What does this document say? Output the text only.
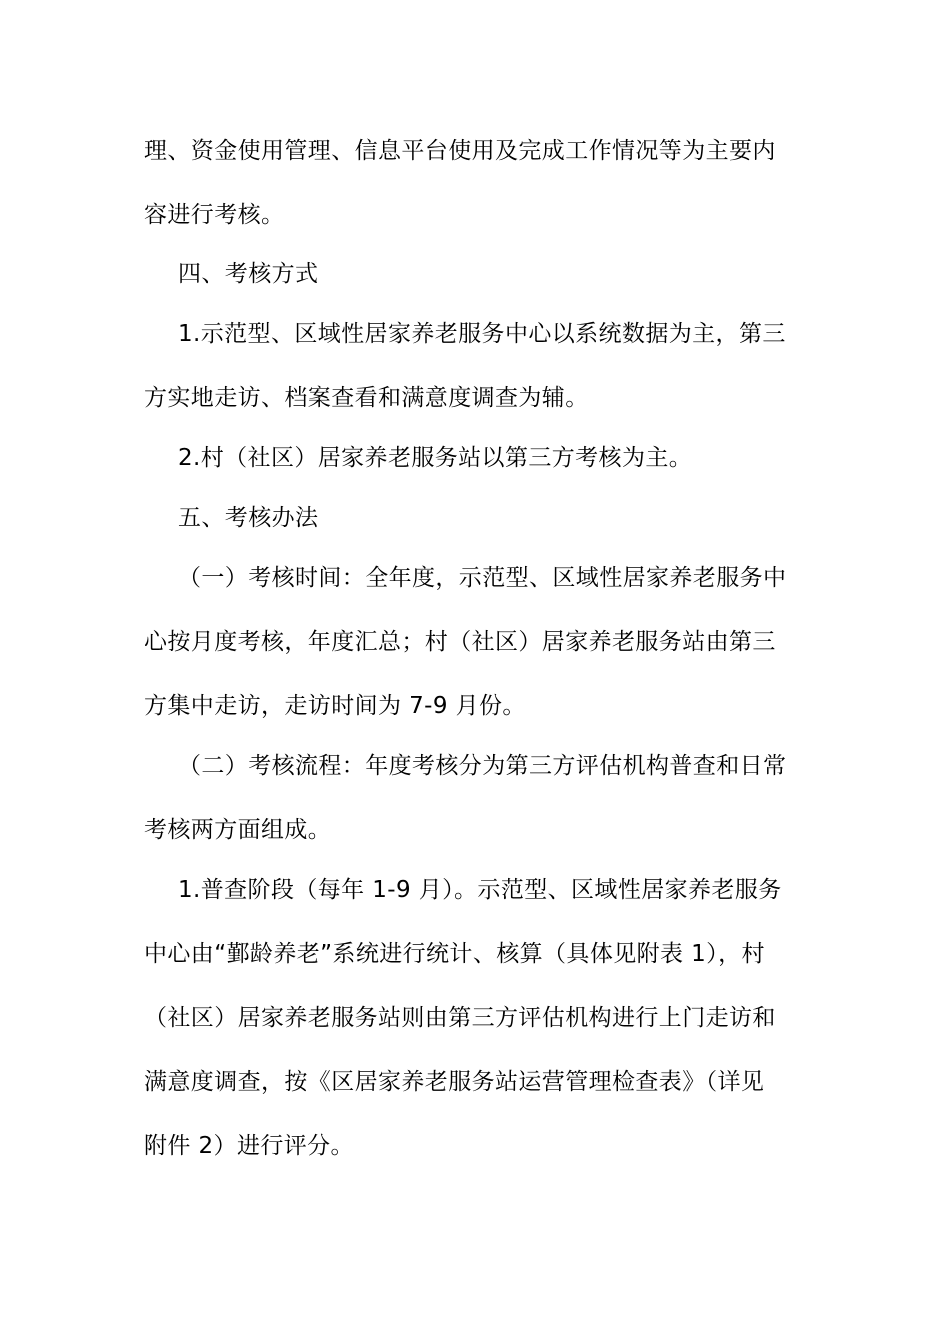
理、资金使用管理、信息平台使用及完成工作情况等为主要内
容进行考核。
四、考核方式
1.示范型、区域性居家养老服务中心以系统数据为主，第三
方实地走访、档案查看和满意度调查为辅。
2.村（社区）居家养老服务站以第三方考核为主。
五、考核办法
（一）考核时间：全年度，示范型、区域性居家养老服务中
心按月度考核，年度汇总；村（社区）居家养老服务站由第三
方集中走访，走访时间为 7-9 月份。
（二）考核流程：年度考核分为第三方评估机构普查和日常
考核两方面组成。
1.普查阶段（每年 1-9 月）。示范型、区域性居家养老服务
中心由“鄞龄养老”系统进行统计、核算（具体见附表 1），村
（社区）居家养老服务站则由第三方评估机构进行上门走访和
满意度调查，按《区居家养老服务站运营管理检查表》（详见
附件 2）进行评分。
